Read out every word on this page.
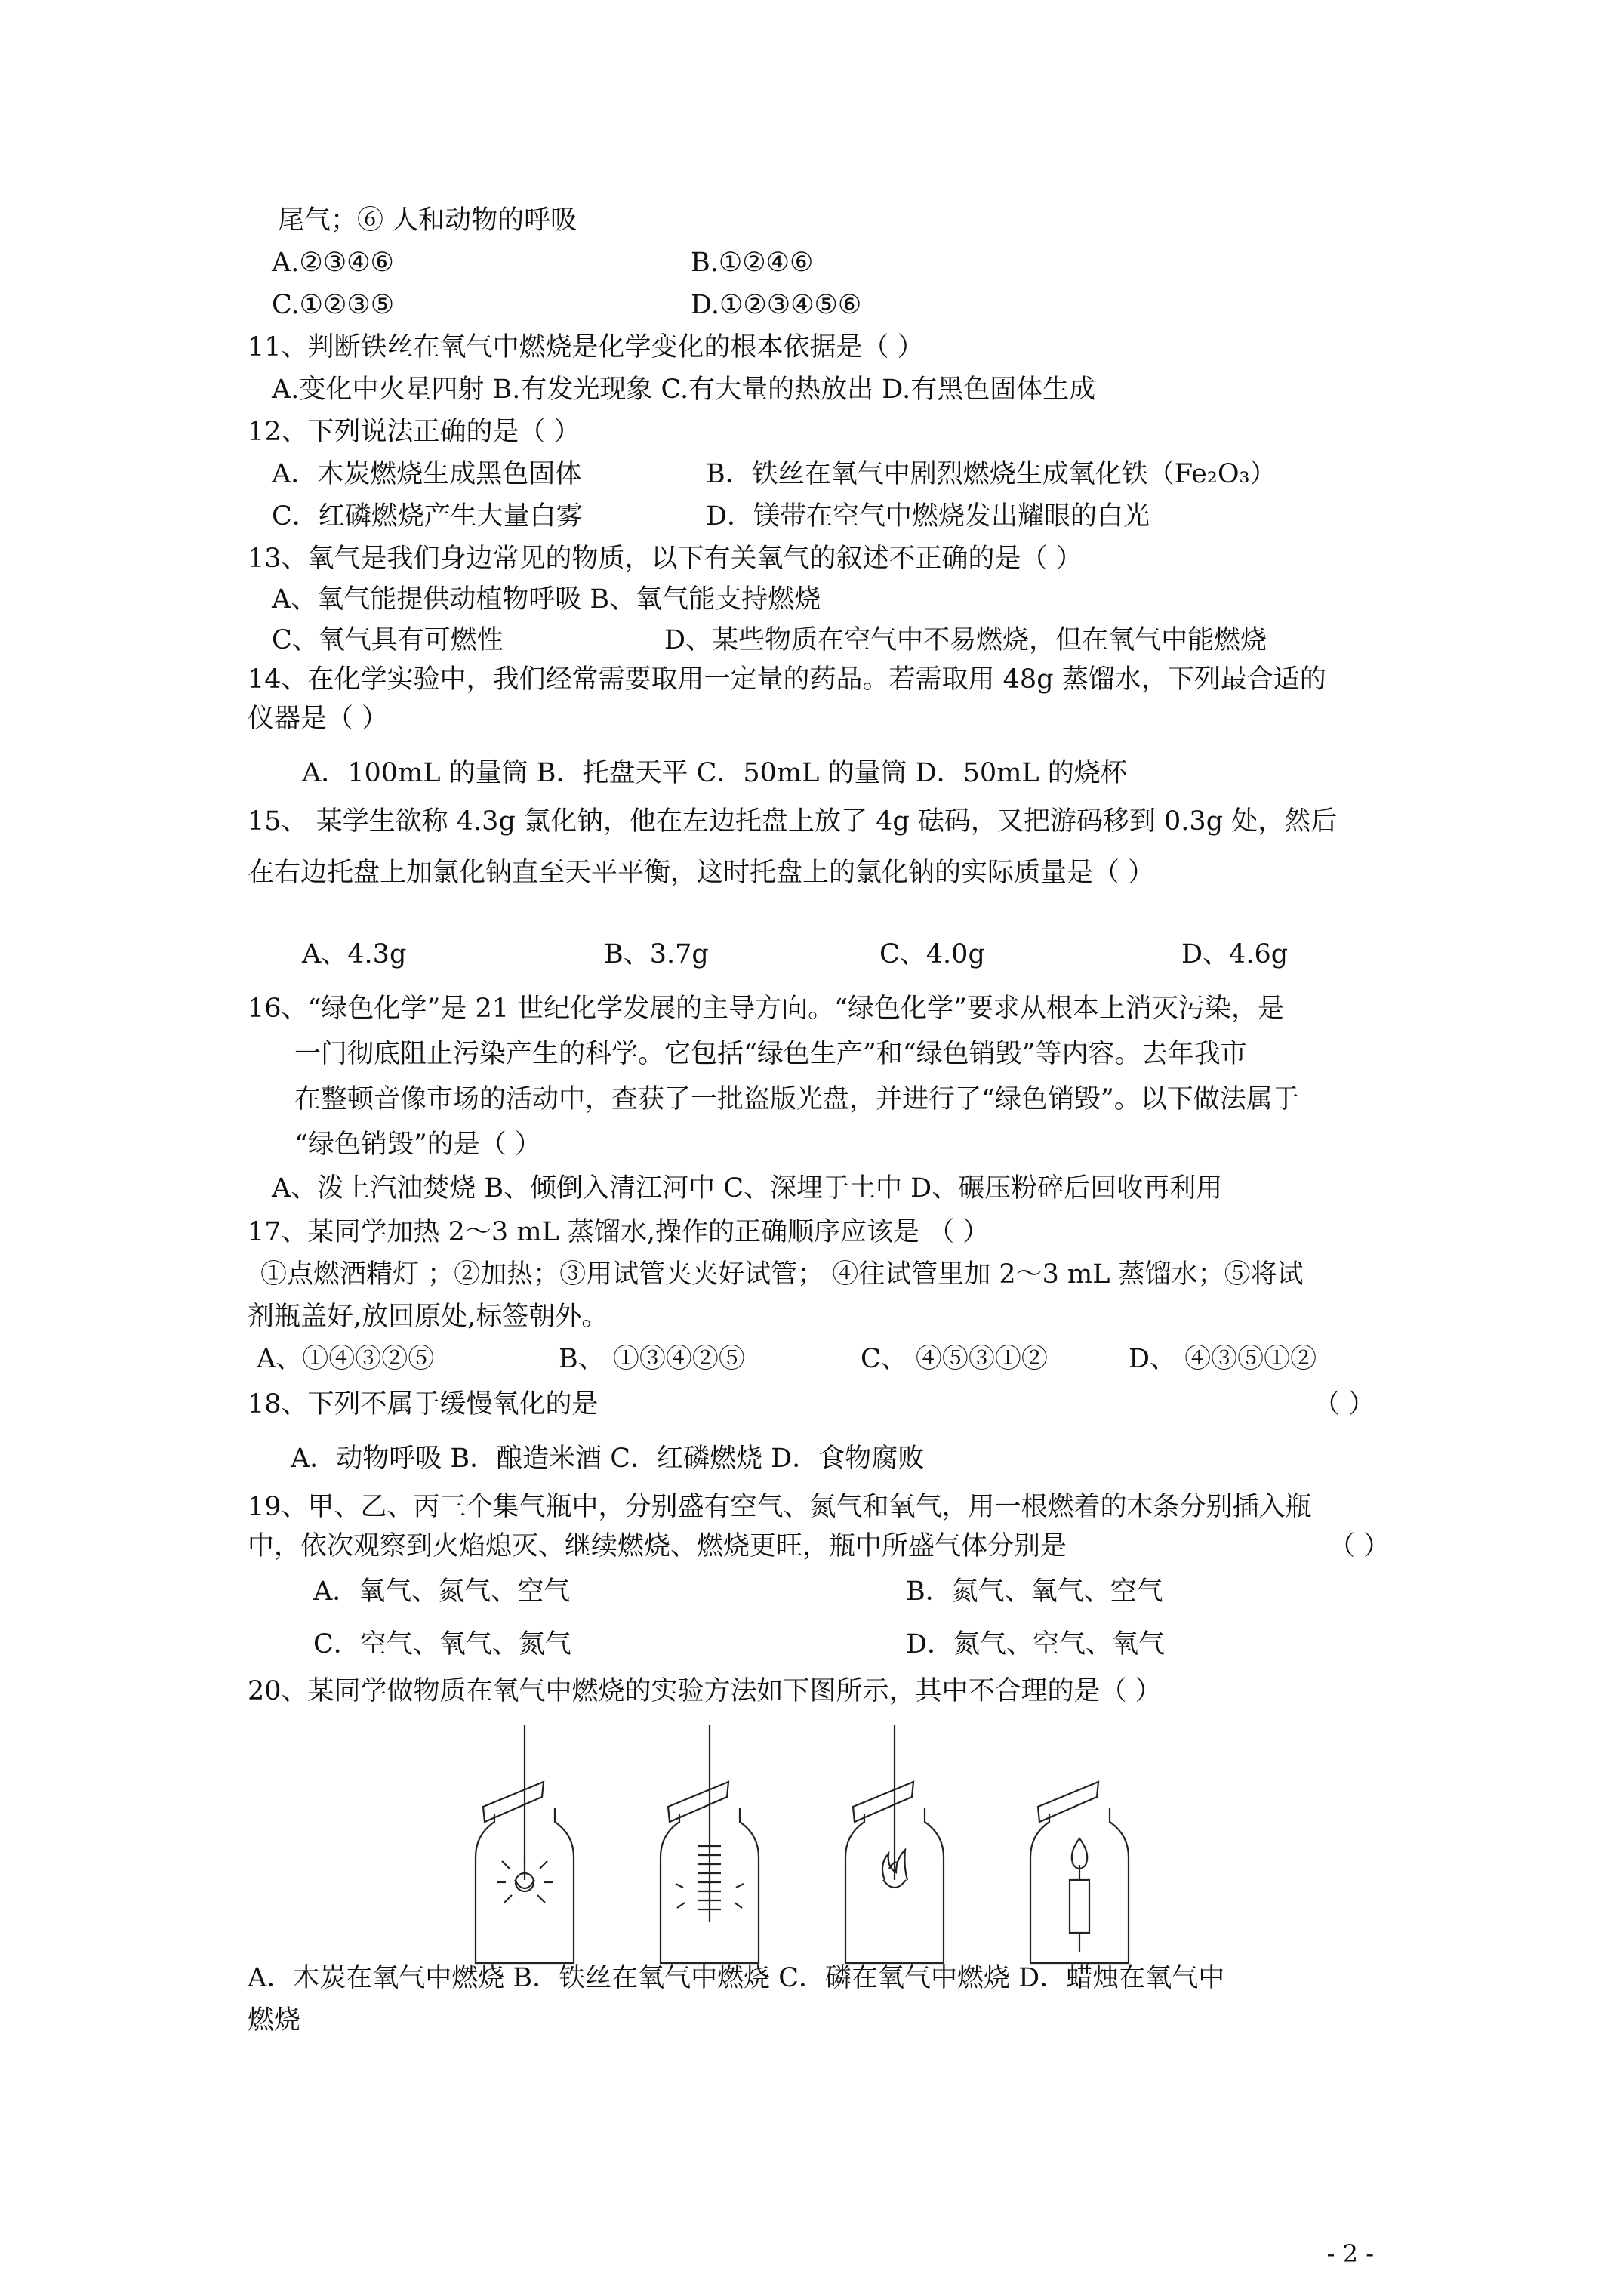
尾气；⑥ 人和动物的呼吸
A.②③④⑥	B.①②④⑥
C.①②③⑤	D.①②③④⑤⑥
11、判断铁丝在氧气中燃烧是化学变化的根本依据是（ ）
A.变化中火星四射 B.有发光现象 C.有大量的热放出 D.有黑色固体生成
12、下列说法正确的是（ ）
A．木炭燃烧生成黑色固体	B．铁丝在氧气中剧烈燃烧生成氧化铁（Fe₂O₃）
C．红磷燃烧产生大量白雾	D．镁带在空气中燃烧发出耀眼的白光
13、氧气是我们身边常见的物质，以下有关氧气的叙述不正确的是（ ）
A、氧气能提供动植物呼吸 B、氧气能支持燃烧
C、氧气具有可燃性	D、某些物质在空气中不易燃烧，但在氧气中能燃烧
14、在化学实验中，我们经常需要取用一定量的药品。若需取用 48g 蒸馏水，下列最合适的
仪器是（ ）
A．100mL 的量筒 B．托盘天平 C．50mL 的量筒 D．50mL 的烧杯
15、 某学生欲称 4.3g 氯化钠，他在左边托盘上放了 4g 砝码，又把游码移到 0.3g 处，然后
在右边托盘上加氯化钠直至天平平衡，这时托盘上的氯化钠的实际质量是（ ）
A、4.3g	B、3.7g	C、4.0g	D、4.6g
16、“绿色化学”是 21 世纪化学发展的主导方向。“绿色化学”要求从根本上消灭污染，是
一门彻底阻止污染产生的科学。它包括“绿色生产”和“绿色销毁”等内容。去年我市
在整顿音像市场的活动中，查获了一批盗版光盘，并进行了“绿色销毁”。以下做法属于
“绿色销毁”的是（ ）
A、泼上汽油焚烧 B、倾倒入清江河中 C、深埋于土中 D、碾压粉碎后回收再利用
17、某同学加热 2～3 mL 蒸馏水,操作的正确顺序应该是 （ ）
①点燃酒精灯 ；②加热；③用试管夹夹好试管； ④往试管里加 2～3 mL 蒸馏水；⑤将试
剂瓶盖好,放回原处,标签朝外。
A、①④③②⑤	B、 ①③④②⑤	C、 ④⑤③①②	D、 ④③⑤①②
18、下列不属于缓慢氧化的是	（ ）
A．动物呼吸 B．酿造米酒 C．红磷燃烧 D．食物腐败
19、甲、乙、丙三个集气瓶中，分别盛有空气、氮气和氧气，用一根燃着的木条分别插入瓶
中，依次观察到火焰熄灭、继续燃烧、燃烧更旺，瓶中所盛气体分别是	（ ）
A．氧气、氮气、空气	B．氮气、氧气、空气
C．空气、氧气、氮气	D．氮气、空气、氧气
20、某同学做物质在氧气中燃烧的实验方法如下图所示，其中不合理的是（ ）
A．木炭在氧气中燃烧 B．铁丝在氧气中燃烧 C．磷在氧气中燃烧 D．蜡烛在氧气中
燃烧
- 2 -
